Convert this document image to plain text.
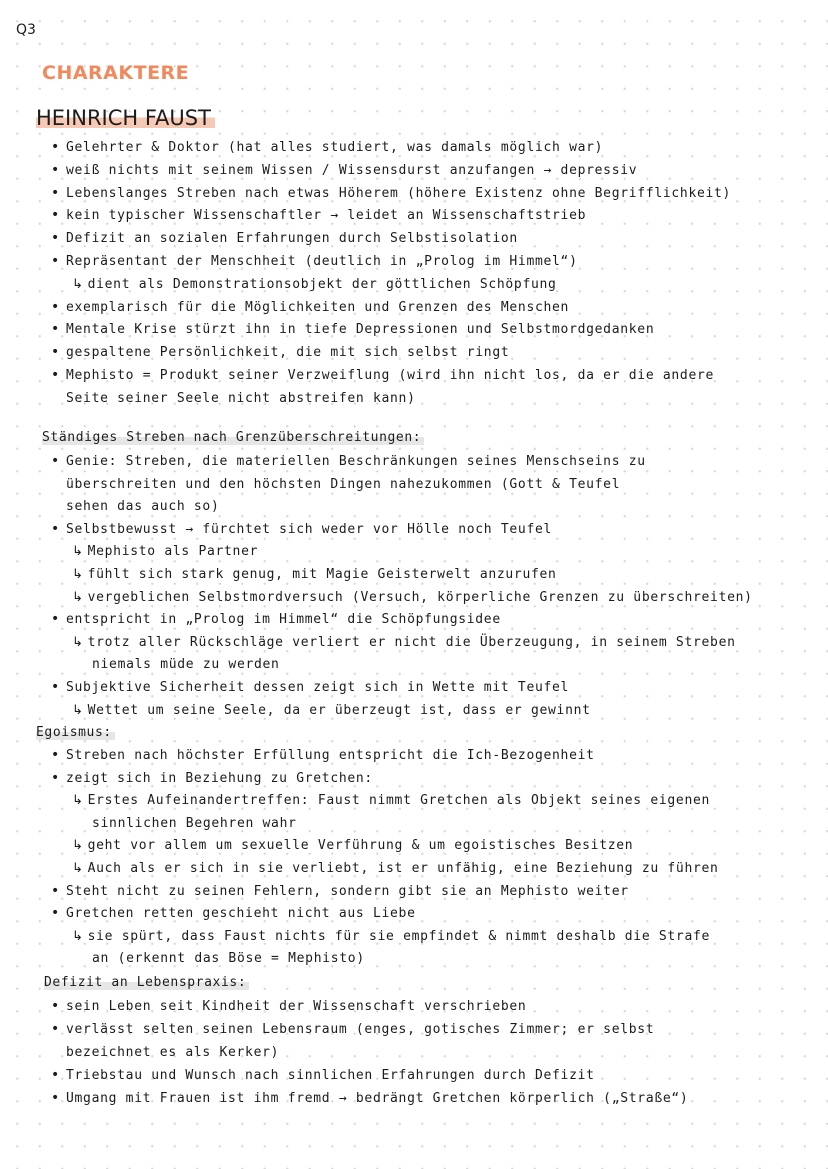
Q3
CHARAKTERE
HEINRICH FAUST
• Gelehrter & Doktor (hat alles studiert, was damals möglich war)
• weiß nichts mit seinem Wissen / Wissensdurst anzufangen → depressiv
• Lebenslanges Streben nach etwas Höherem (höhere Existenz ohne Begrifflichkeit)
• kein typischer Wissenschaftler → leidet an Wissenschaftstrieb
• Defizit an sozialen Erfahrungen durch Selbstisolation
• Repräsentant der Menschheit (deutlich in „Prolog im Himmel“)
↳ dient als Demonstrationsobjekt der göttlichen Schöpfung
• exemplarisch für die Möglichkeiten und Grenzen des Menschen
• Mentale Krise stürzt ihn in tiefe Depressionen und Selbstmordgedanken
• gespaltene Persönlichkeit, die mit sich selbst ringt
• Mephisto = Produkt seiner Verzweiflung (wird ihn nicht los, da er die andere
Seite seiner Seele nicht abstreifen kann)
Ständiges Streben nach Grenzüberschreitungen:
• Genie: Streben, die materiellen Beschränkungen seines Menschseins zu
überschreiten und den höchsten Dingen nahezukommen (Gott & Teufel
sehen das auch so)
• Selbstbewusst → fürchtet sich weder vor Hölle noch Teufel
↳ Mephisto als Partner
↳ fühlt sich stark genug, mit Magie Geisterwelt anzurufen
↳ vergeblichen Selbstmordversuch (Versuch, körperliche Grenzen zu überschreiten)
• entspricht in „Prolog im Himmel“ die Schöpfungsidee
↳ trotz aller Rückschläge verliert er nicht die Überzeugung, in seinem Streben
niemals müde zu werden
• Subjektive Sicherheit dessen zeigt sich in Wette mit Teufel
↳ Wettet um seine Seele, da er überzeugt ist, dass er gewinnt
Egoismus:
• Streben nach höchster Erfüllung entspricht die Ich-Bezogenheit
• zeigt sich in Beziehung zu Gretchen:
↳ Erstes Aufeinandertreffen: Faust nimmt Gretchen als Objekt seines eigenen
sinnlichen Begehren wahr
↳ geht vor allem um sexuelle Verführung & um egoistisches Besitzen
↳ Auch als er sich in sie verliebt, ist er unfähig, eine Beziehung zu führen
• Steht nicht zu seinen Fehlern, sondern gibt sie an Mephisto weiter
• Gretchen retten geschieht nicht aus Liebe
↳ sie spürt, dass Faust nichts für sie empfindet & nimmt deshalb die Strafe
an (erkennt das Böse = Mephisto)
Defizit an Lebenspraxis:
• sein Leben seit Kindheit der Wissenschaft verschrieben
• verlässt selten seinen Lebensraum (enges, gotisches Zimmer; er selbst
bezeichnet es als Kerker)
• Triebstau und Wunsch nach sinnlichen Erfahrungen durch Defizit
• Umgang mit Frauen ist ihm fremd → bedrängt Gretchen körperlich („Straße“)
